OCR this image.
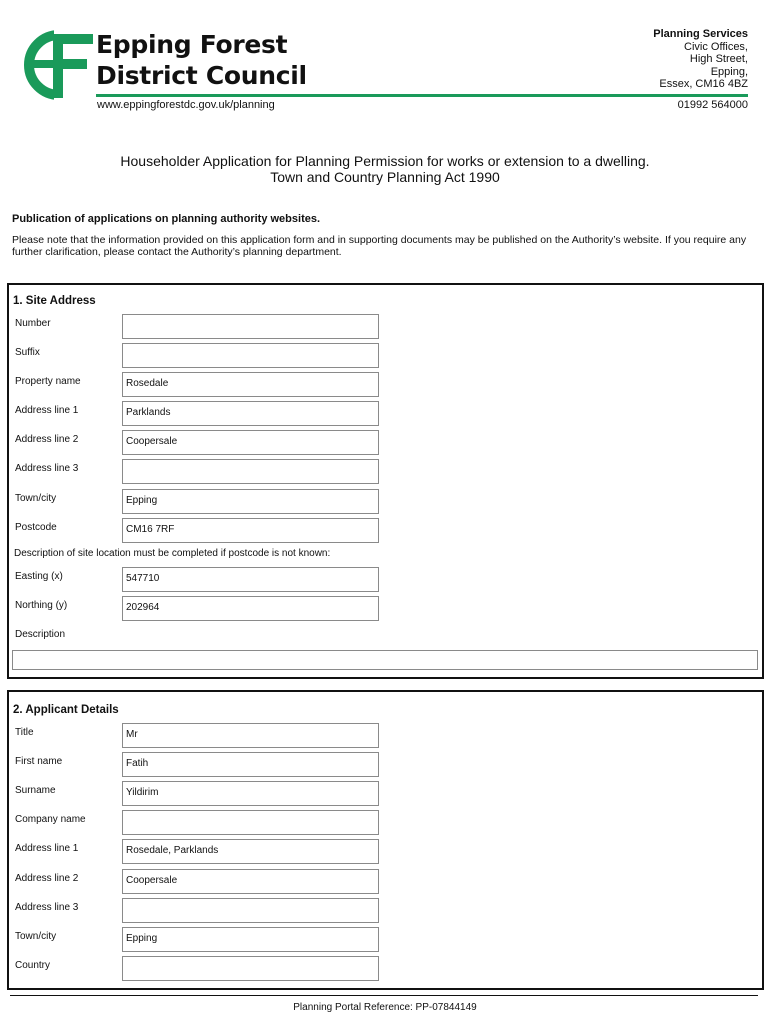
Epping Forest
District Council
www.eppingforestdc.gov.uk/planning
Planning Services
Civic Offices,
High Street,
Epping,
Essex, CM16 4BZ
01992 564000
Householder Application for Planning Permission for works or extension to a dwelling.
Town and Country Planning Act 1990
Publication of applications on planning authority websites.
Please note that the information provided on this application form and in supporting documents may be published on the Authority’s website. If you require any further clarification, please contact the Authority’s planning department.
1. Site Address
Number
Suffix
Property name	Rosedale
Address line 1	Parklands
Address line 2	Coopersale
Address line 3
Town/city	Epping
Postcode	CM16 7RF
Description of site location must be completed if postcode is not known:
Easting (x)	547710
Northing (y)	202964
Description
2. Applicant Details
Title	Mr
First name	Fatih
Surname	Yildirim
Company name
Address line 1	Rosedale, Parklands
Address line 2	Coopersale
Address line 3
Town/city	Epping
Country
Planning Portal Reference: PP-07844149
